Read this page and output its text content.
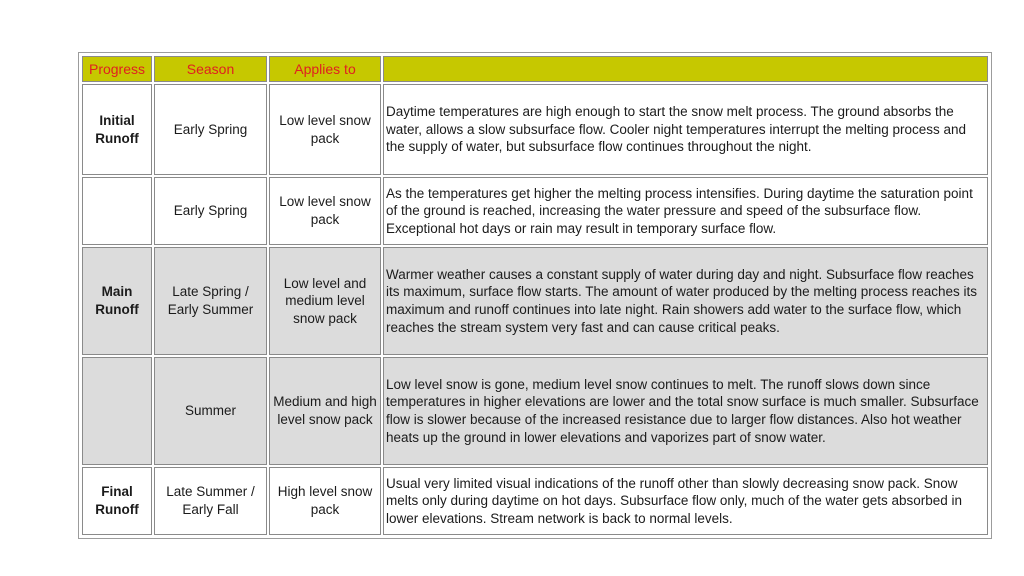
Progress	Season	Applies to	
Initial Runoff	Early Spring	Low level snow pack	Daytime temperatures are high enough to start the snow melt process. The ground absorbs the water, allows a slow subsurface flow. Cooler night temperatures interrupt the melting process and the supply of water, but subsurface flow continues throughout the night.
	Early Spring	Low level snow pack	As the temperatures get higher the melting process intensifies. During daytime the saturation point of the ground is reached, increasing the water pressure and speed of the subsurface flow. Exceptional hot days or rain may result in temporary surface flow.
Main Runoff	Late Spring / Early Summer	Low level and medium level snow pack	Warmer weather causes a constant supply of water during day and night. Subsurface flow reaches its maximum, surface flow starts. The amount of water produced by the melting process reaches its maximum and runoff continues into late night. Rain showers add water to the surface flow, which reaches the stream system very fast and can cause critical peaks.
	Summer	Medium and high level snow pack	Low level snow is gone, medium level snow continues to melt. The runoff slows down since temperatures in higher elevations are lower and the total snow surface is much smaller. Subsurface flow is slower because of the increased resistance due to larger flow distances. Also hot weather heats up the ground in lower elevations and vaporizes part of snow water.
Final Runoff	Late Summer / Early Fall	High level snow pack	Usual very limited visual indications of the runoff other than slowly decreasing snow pack. Snow melts only during daytime on hot days. Subsurface flow only, much of the water gets absorbed in lower elevations. Stream network is back to normal levels.
